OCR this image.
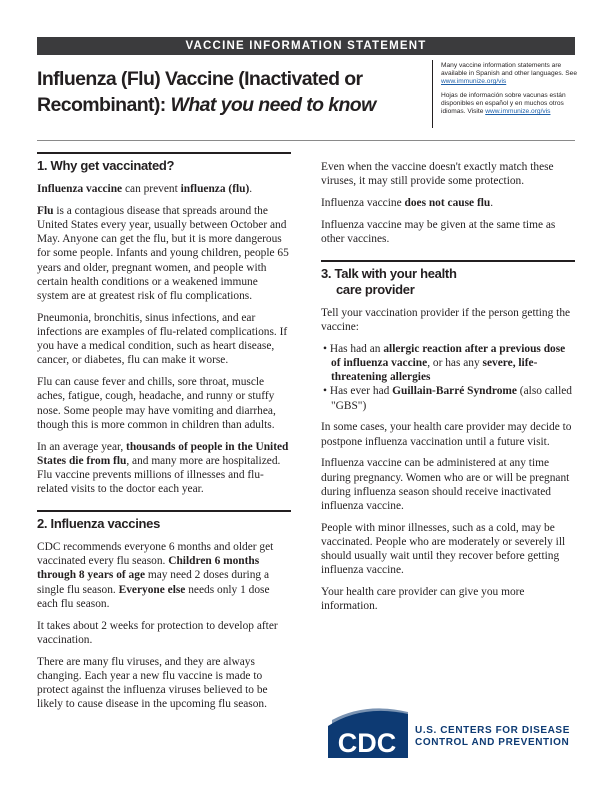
VACCINE INFORMATION STATEMENT
Influenza (Flu) Vaccine (Inactivated or
Recombinant): What you need to know

Many vaccine information statements are available in Spanish and other languages. See www.immunize.org/vis

Hojas de información sobre vacunas están disponibles en español y en muchos otros idiomas. Visite www.immunize.org/vis

1. Why get vaccinated?

Influenza vaccine can prevent influenza (flu).

Flu is a contagious disease that spreads around the United States every year, usually between October and May. Anyone can get the flu, but it is more dangerous for some people. Infants and young children, people 65 years and older, pregnant women, and people with certain health conditions or a weakened immune system are at greatest risk of flu complications.

Pneumonia, bronchitis, sinus infections, and ear infections are examples of flu-related complications. If you have a medical condition, such as heart disease, cancer, or diabetes, flu can make it worse.

Flu can cause fever and chills, sore throat, muscle aches, fatigue, cough, headache, and runny or stuffy nose. Some people may have vomiting and diarrhea, though this is more common in children than adults.

In an average year, thousands of people in the United States die from flu, and many more are hospitalized. Flu vaccine prevents millions of illnesses and flu-related visits to the doctor each year.

2. Influenza vaccines

CDC recommends everyone 6 months and older get vaccinated every flu season. Children 6 months through 8 years of age may need 2 doses during a single flu season. Everyone else needs only 1 dose each flu season.

It takes about 2 weeks for protection to develop after vaccination.

There are many flu viruses, and they are always changing. Each year a new flu vaccine is made to protect against the influenza viruses believed to be likely to cause disease in the upcoming flu season.

Even when the vaccine doesn't exactly match these viruses, it may still provide some protection.

Influenza vaccine does not cause flu.

Influenza vaccine may be given at the same time as other vaccines.

3. Talk with your health
care provider

Tell your vaccination provider if the person getting the vaccine:

• Has had an allergic reaction after a previous dose of influenza vaccine, or has any severe, life-threatening allergies

• Has ever had Guillain-Barré Syndrome (also called "GBS")

In some cases, your health care provider may decide to postpone influenza vaccination until a future visit.

Influenza vaccine can be administered at any time during pregnancy. Women who are or will be pregnant during influenza season should receive inactivated influenza vaccine.

People with minor illnesses, such as a cold, may be vaccinated. People who are moderately or severely ill should usually wait until they recover before getting influenza vaccine.

Your health care provider can give you more information.

CDC U.S. CENTERS FOR DISEASE
CONTROL AND PREVENTION
